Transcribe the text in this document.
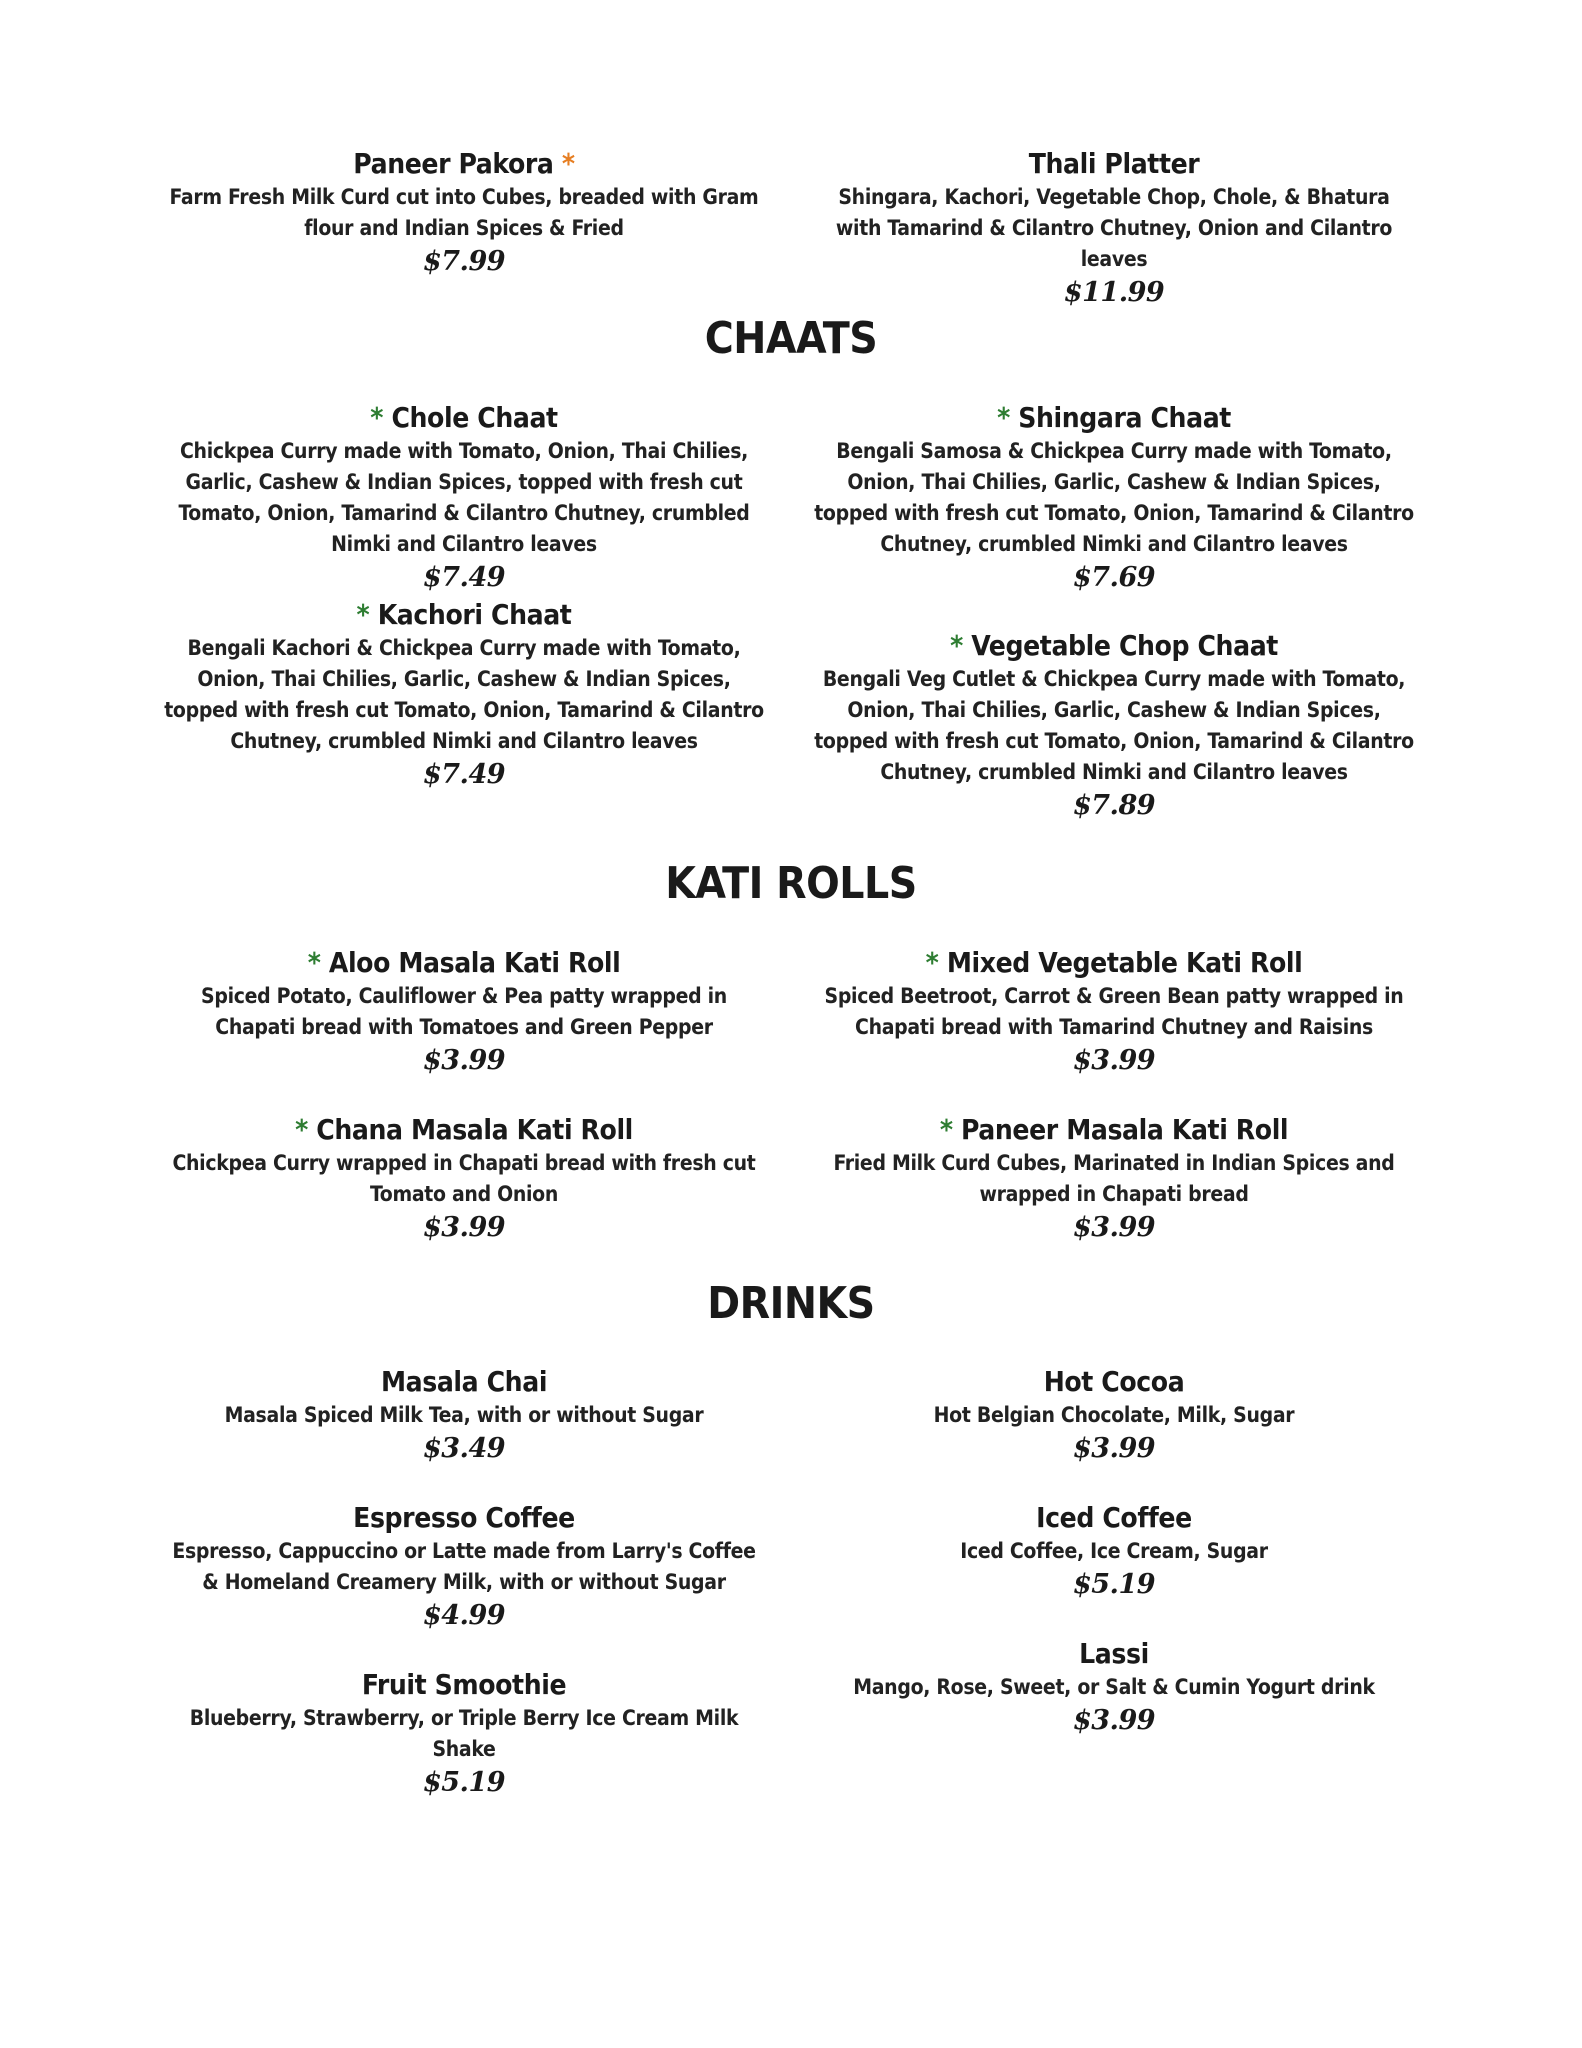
Paneer Pakora *

Farm Fresh Milk Curd cut into Cubes, breaded with Gram flour and Indian Spices & Fried

$7.99

Thali Platter

Shingara, Kachori, Vegetable Chop, Chole, & Bhatura with Tamarind & Cilantro Chutney, Onion and Cilantro leaves

$11.99

CHAATS

* Chole Chaat

Chickpea Curry made with Tomato, Onion, Thai Chilies, Garlic, Cashew & Indian Spices, topped with fresh cut Tomato, Onion, Tamarind & Cilantro Chutney, crumbled Nimki and Cilantro leaves

$7.49

* Kachori Chaat

Bengali Kachori & Chickpea Curry made with Tomato, Onion, Thai Chilies, Garlic, Cashew & Indian Spices, topped with fresh cut Tomato, Onion, Tamarind & Cilantro Chutney, crumbled Nimki and Cilantro leaves

$7.49

* Shingara Chaat

Bengali Samosa & Chickpea Curry made with Tomato, Onion, Thai Chilies, Garlic, Cashew & Indian Spices, topped with fresh cut Tomato, Onion, Tamarind & Cilantro Chutney, crumbled Nimki and Cilantro leaves

$7.69

* Vegetable Chop Chaat

Bengali Veg Cutlet & Chickpea Curry made with Tomato, Onion, Thai Chilies, Garlic, Cashew & Indian Spices, topped with fresh cut Tomato, Onion, Tamarind & Cilantro Chutney, crumbled Nimki and Cilantro leaves

$7.89

KATI ROLLS

* Aloo Masala Kati Roll

Spiced Potato, Cauliflower & Pea patty wrapped in Chapati bread with Tomatoes and Green Pepper

$3.99

* Chana Masala Kati Roll

Chickpea Curry wrapped in Chapati bread with fresh cut Tomato and Onion

$3.99

* Mixed Vegetable Kati Roll

Spiced Beetroot, Carrot & Green Bean patty wrapped in Chapati bread with Tamarind Chutney and Raisins

$3.99

* Paneer Masala Kati Roll

Fried Milk Curd Cubes, Marinated in Indian Spices and wrapped in Chapati bread

$3.99

DRINKS

Masala Chai

Masala Spiced Milk Tea, with or without Sugar

$3.49

Espresso Coffee

Espresso, Cappuccino or Latte made from Larry's Coffee & Homeland Creamery Milk, with or without Sugar

$4.99

Fruit Smoothie

Blueberry, Strawberry, or Triple Berry Ice Cream Milk Shake

$5.19

Hot Cocoa

Hot Belgian Chocolate, Milk, Sugar

$3.99

Iced Coffee

Iced Coffee, Ice Cream, Sugar

$5.19

Lassi

Mango, Rose, Sweet, or Salt & Cumin Yogurt drink

$3.99
